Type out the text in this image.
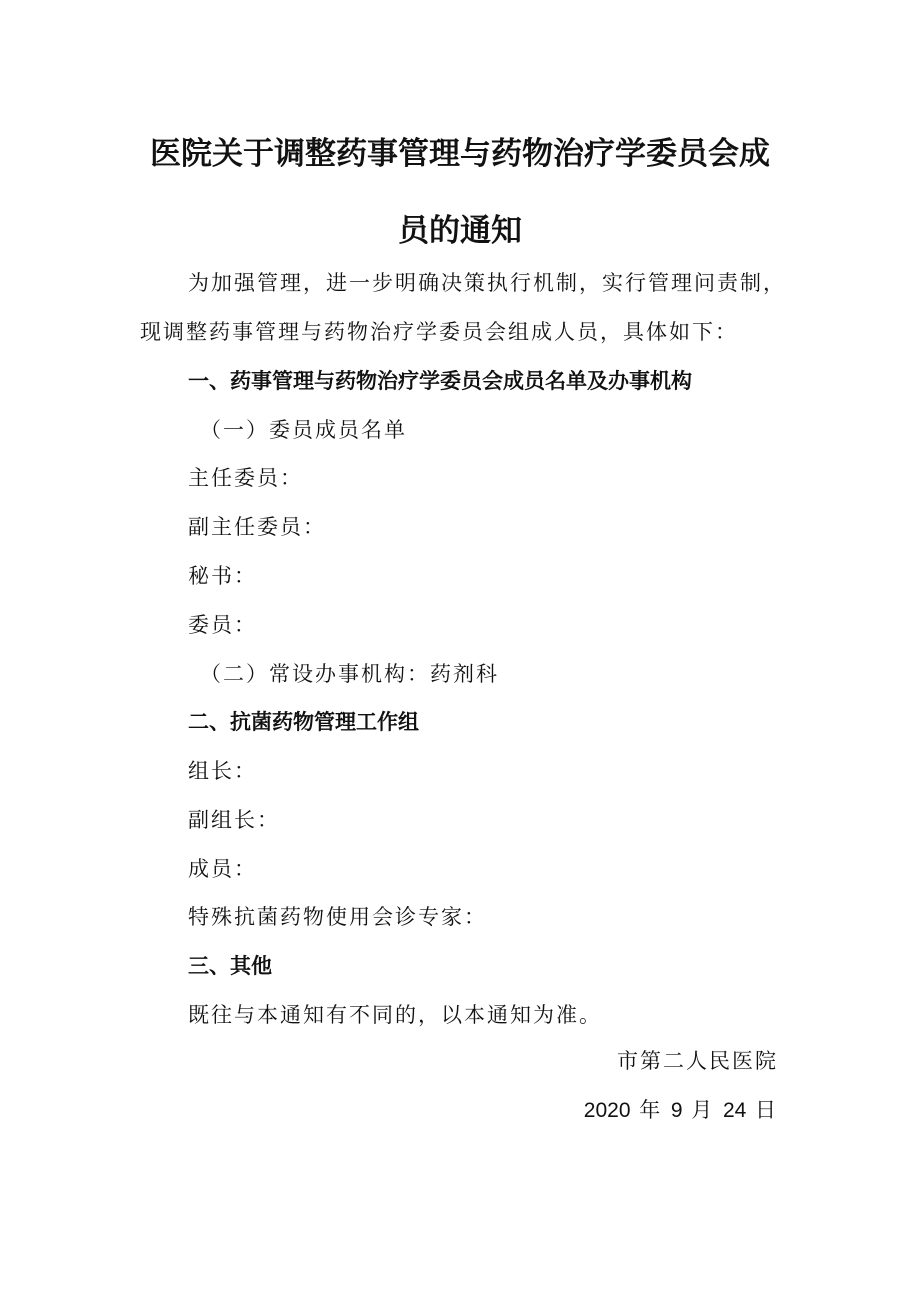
医院关于调整药事管理与药物治疗学委员会成
员的通知
为加强管理，进一步明确决策执行机制，实行管理问责制，
现调整药事管理与药物治疗学委员会组成人员，具体如下：
一、药事管理与药物治疗学委员会成员名单及办事机构
（一）委员成员名单
主任委员：
副主任委员：
秘书：
委员：
（二）常设办事机构：药剂科
二、抗菌药物管理工作组
组长：
副组长：
成员：
特殊抗菌药物使用会诊专家：
三、其他
既往与本通知有不同的，以本通知为准。
市第二人民医院
2020 年 9 月 24 日
